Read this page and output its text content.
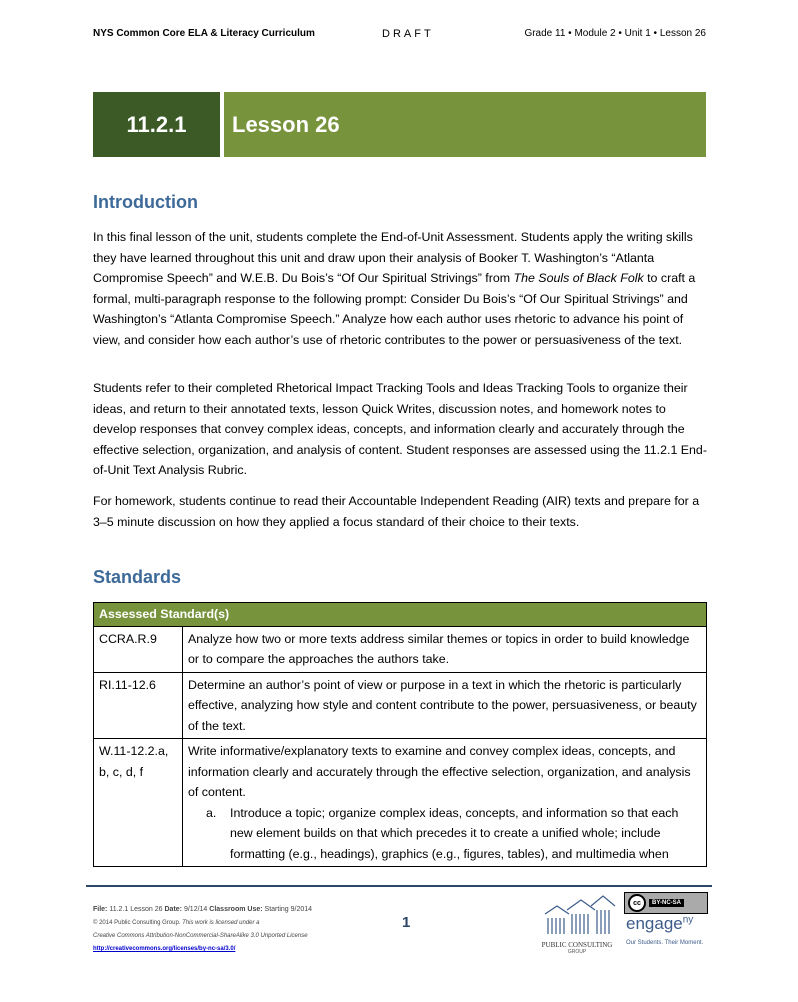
NYS Common Core ELA & Literacy Curriculum	DRAFT	Grade 11 • Module 2 • Unit 1 • Lesson 26
11.2.1	Lesson 26
Introduction

In this final lesson of the unit, students complete the End-of-Unit Assessment. Students apply the writing skills they have learned throughout this unit and draw upon their analysis of Booker T. Washington’s “Atlanta Compromise Speech” and W.E.B. Du Bois’s “Of Our Spiritual Strivings” from The Souls of Black Folk to craft a formal, multi-paragraph response to the following prompt: Consider Du Bois’s “Of Our Spiritual Strivings” and Washington’s “Atlanta Compromise Speech.” Analyze how each author uses rhetoric to advance his point of view, and consider how each author’s use of rhetoric contributes to the power or persuasiveness of the text.

Students refer to their completed Rhetorical Impact Tracking Tools and Ideas Tracking Tools to organize their ideas, and return to their annotated texts, lesson Quick Writes, discussion notes, and homework notes to develop responses that convey complex ideas, concepts, and information clearly and accurately through the effective selection, organization, and analysis of content. Student responses are assessed using the 11.2.1 End-of-Unit Text Analysis Rubric.

For homework, students continue to read their Accountable Independent Reading (AIR) texts and prepare for a 3–5 minute discussion on how they applied a focus standard of their choice to their texts.

Standards
Assessed Standard(s)	
CCRA.R.9	Analyze how two or more texts address similar themes or topics in order to build knowledge or to compare the approaches the authors take.
RI.11-12.6	Determine an author’s point of view or purpose in a text in which the rhetoric is particularly effective, analyzing how style and content contribute to the power, persuasiveness, or beauty of the text.
W.11-12.2.a, b, c, d, f	Write informative/explanatory texts to examine and convey complex ideas, concepts, and information clearly and accurately through the effective selection, organization, and analysis of content.
a. Introduce a topic; organize complex ideas, concepts, and information so that each new element builds on that which precedes it to create a unified whole; include formatting (e.g., headings), graphics (e.g., figures, tables), and multimedia when
File: 11.2.1 Lesson 26 Date: 9/12/14 Classroom Use: Starting 9/2014
© 2014 Public Consulting Group. This work is licensed under a
Creative Commons Attribution-NonCommercial-ShareAlike 3.0 Unported License
http://creativecommons.org/licenses/by-nc-sa/3.0/
1
PUBLIC CONSULTING
GROUP
cc	BY-NC-SA
engage$^{ny}$
Our Students. Their Moment.
